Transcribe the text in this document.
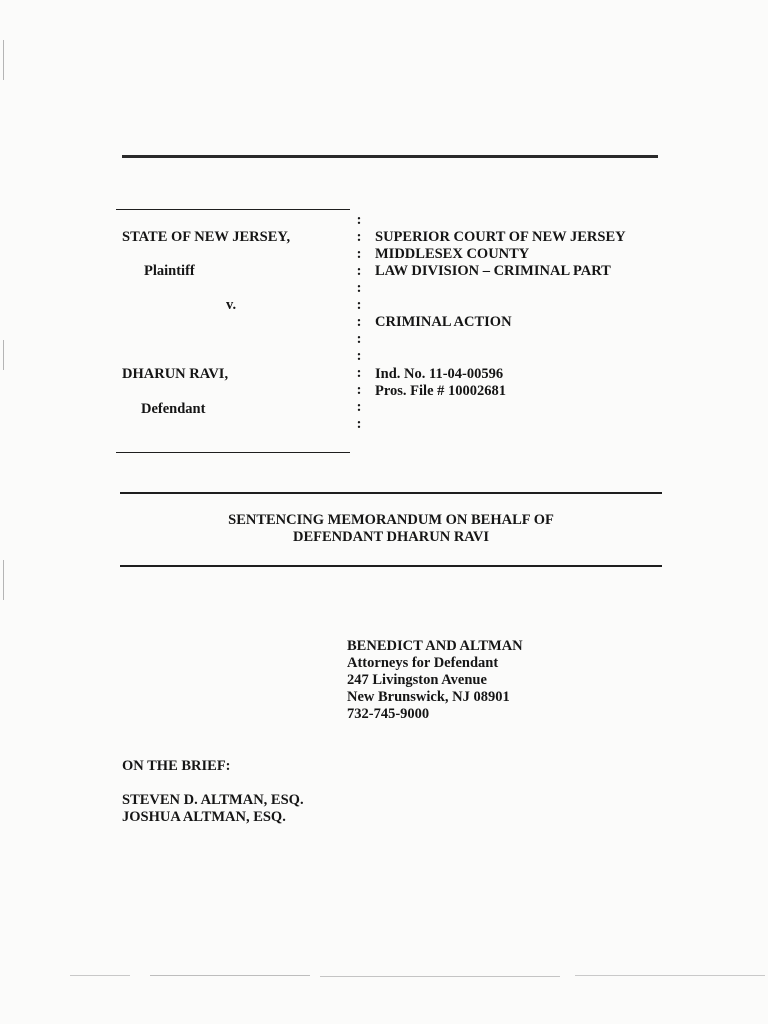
STATE OF NEW JERSEY,
Plaintiff
v.
DHARUN RAVI,
Defendant
:
:
:
:
:
:
:
:
:
:
:
:
:
SUPERIOR COURT OF NEW JERSEY
MIDDLESEX COUNTY
LAW DIVISION – CRIMINAL PART
CRIMINAL ACTION
Ind. No. 11-04-00596
Pros. File # 10002681
SENTENCING MEMORANDUM ON BEHALF OF
DEFENDANT DHARUN RAVI
BENEDICT AND ALTMAN
Attorneys for Defendant
247 Livingston Avenue
New Brunswick, NJ 08901
732-745-9000
ON THE BRIEF:
STEVEN D. ALTMAN, ESQ.
JOSHUA ALTMAN, ESQ.
